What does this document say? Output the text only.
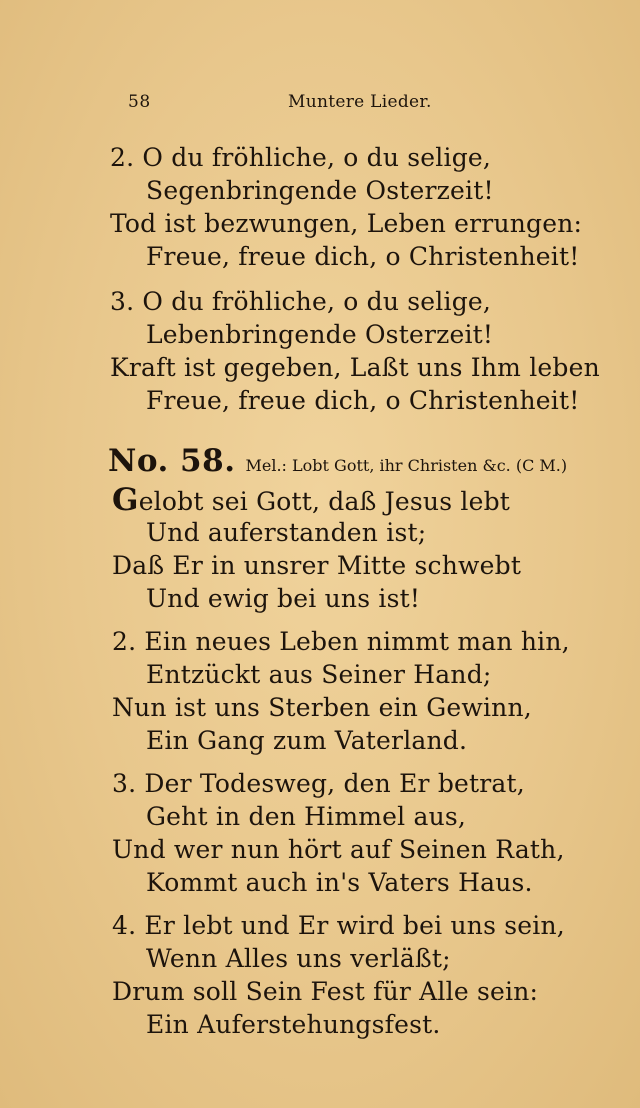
58	Muntere Lieder.
2. O du fröhliche, o du selige,
Segenbringende Osterzeit!
Tod ist bezwungen, Leben errungen:
Freue, freue dich, o Christenheit!
3. O du fröhliche, o du selige,
Lebenbringende Osterzeit!
Kraft ist gegeben, Laßt uns Ihm leben
Freue, freue dich, o Christenheit!
No. 58. Mel.: Lobt Gott, ihr Christen &c. (C M.)
Gelobt sei Gott, daß Jesus lebt
Und auferstanden ist;
Daß Er in unsrer Mitte schwebt
Und ewig bei uns ist!
2. Ein neues Leben nimmt man hin,
Entzückt aus Seiner Hand;
Nun ist uns Sterben ein Gewinn,
Ein Gang zum Vaterland.
3. Der Todesweg, den Er betrat,
Geht in den Himmel aus,
Und wer nun hört auf Seinen Rath,
Kommt auch in's Vaters Haus.
4. Er lebt und Er wird bei uns sein,
Wenn Alles uns verläßt;
Drum soll Sein Fest für Alle sein:
Ein Auferstehungsfest.
